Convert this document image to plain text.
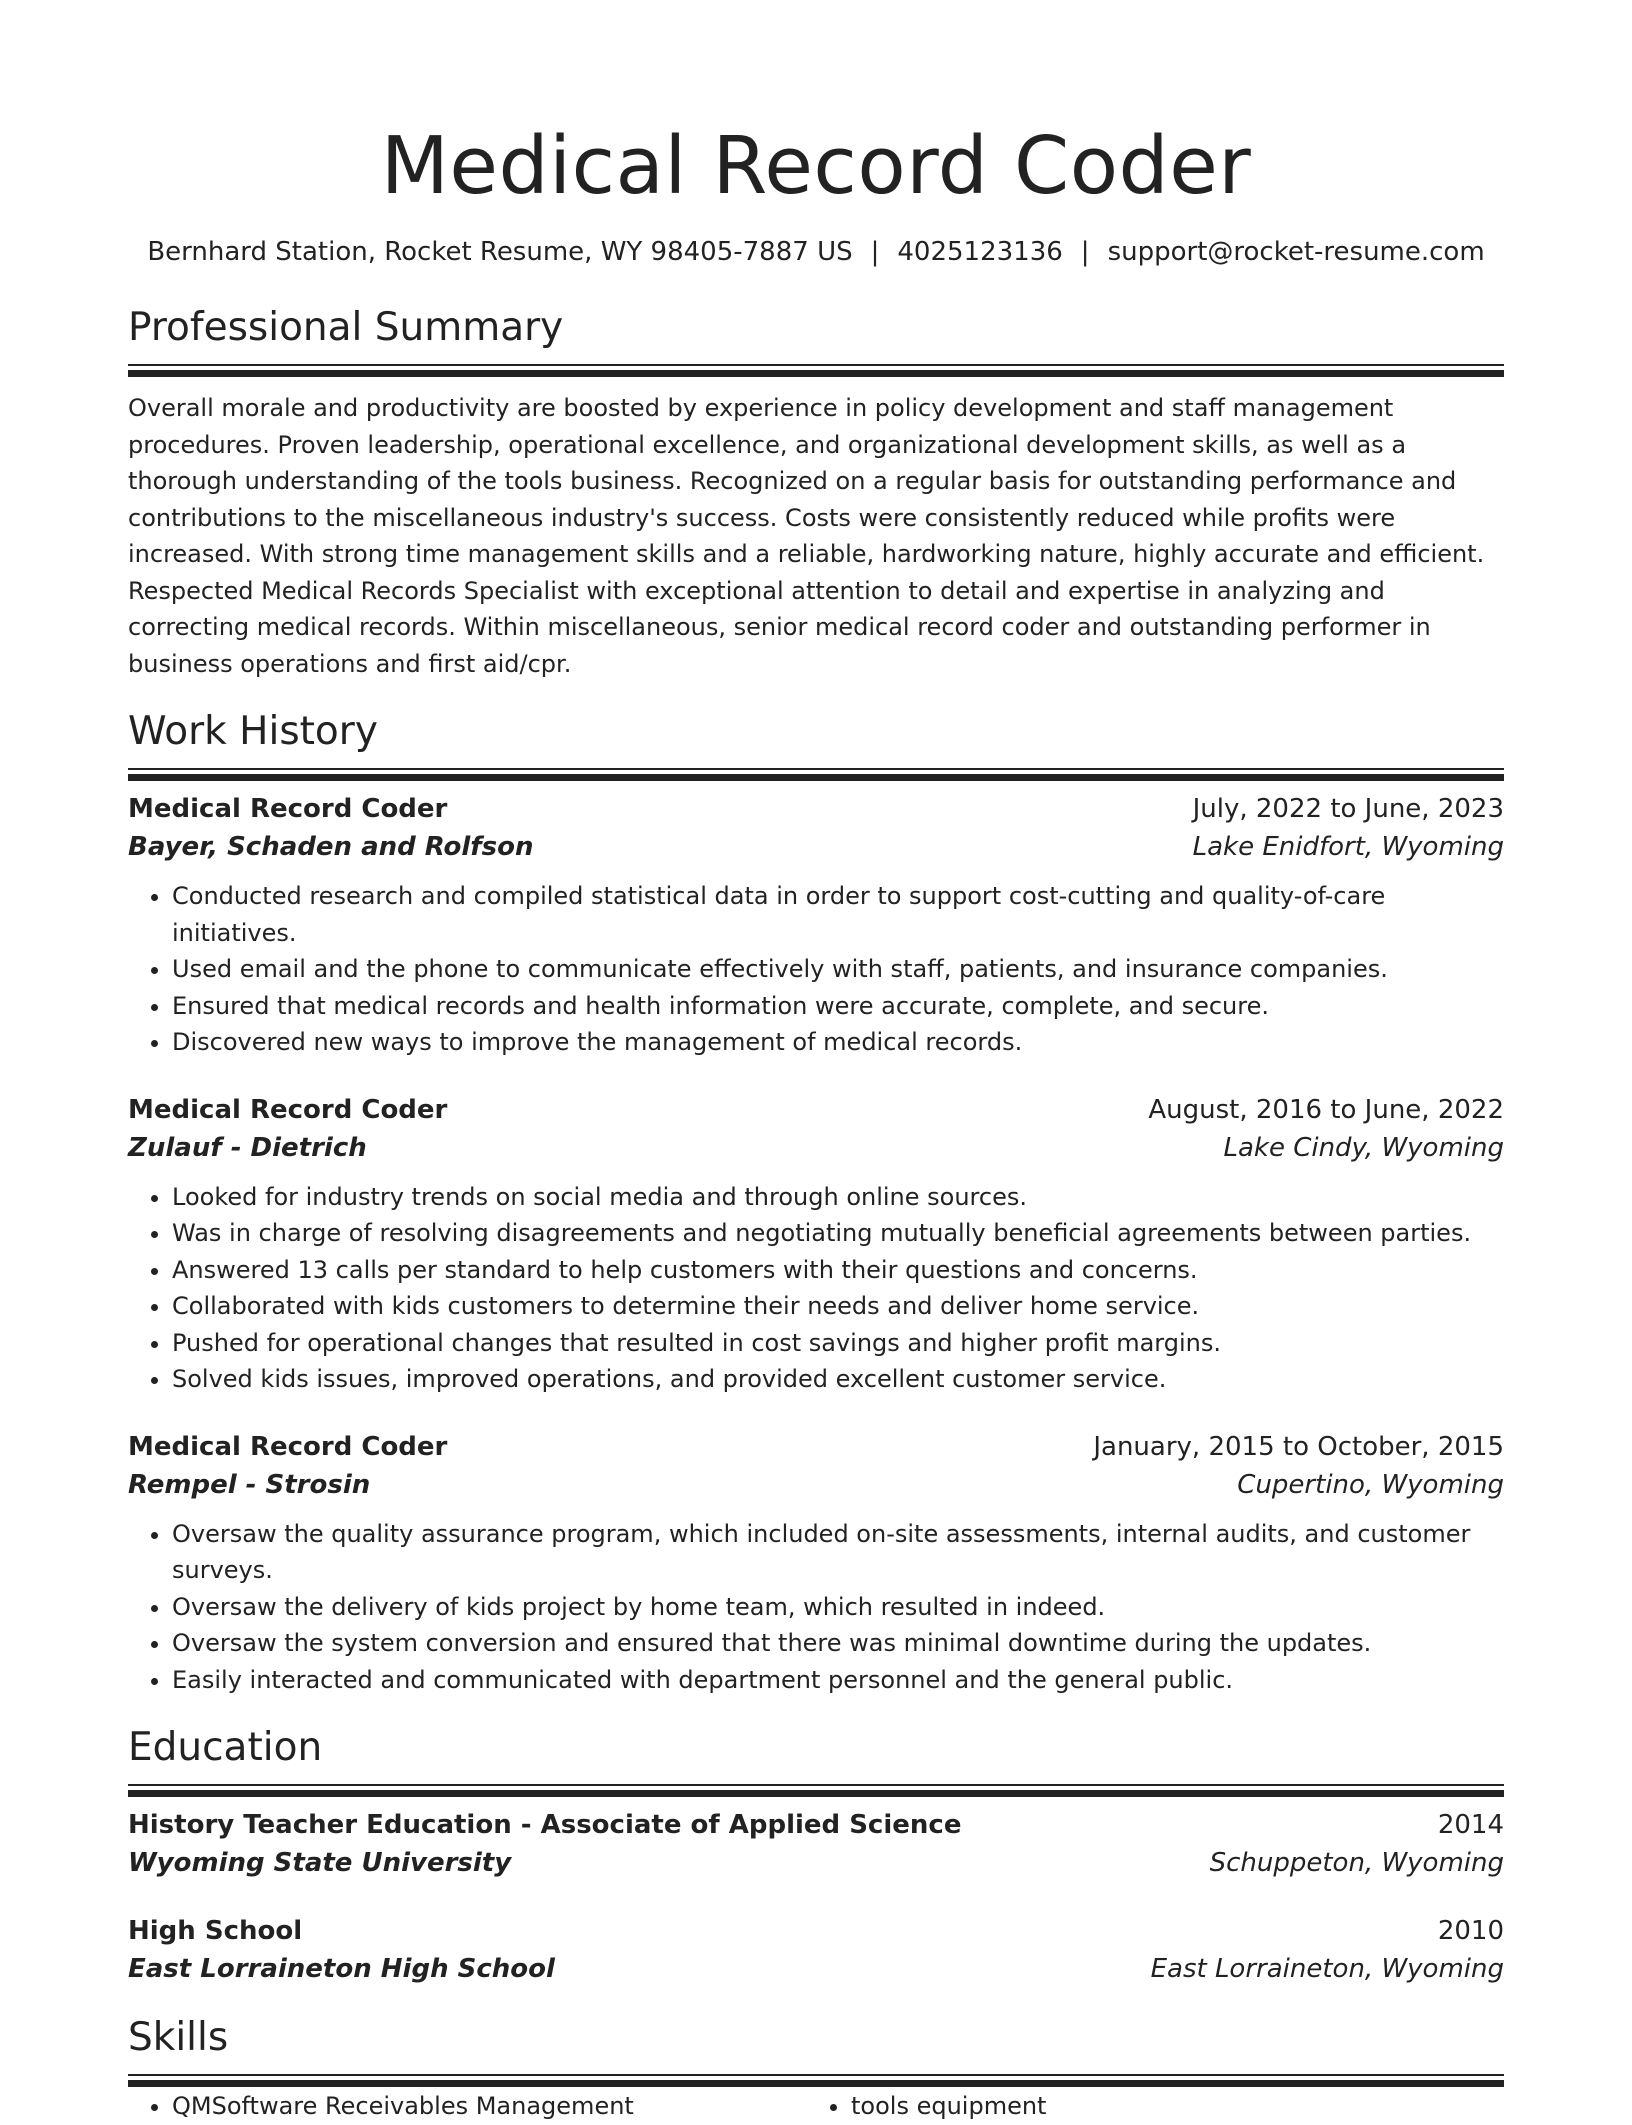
Medical Record Coder
Bernhard Station, Rocket Resume, WY 98405-7887 US | 4025123136 | support@rocket-resume.com
Professional Summary
Overall morale and productivity are boosted by experience in policy development and staff management procedures. Proven leadership, operational excellence, and organizational development skills, as well as a thorough understanding of the tools business. Recognized on a regular basis for outstanding performance and contributions to the miscellaneous industry's success. Costs were consistently reduced while profits were increased. With strong time management skills and a reliable, hardworking nature, highly accurate and efficient. Respected Medical Records Specialist with exceptional attention to detail and expertise in analyzing and correcting medical records. Within miscellaneous, senior medical record coder and outstanding performer in business operations and first aid/cpr.
Work History
Medical Record Coder	July, 2022 to June, 2023
Bayer, Schaden and Rolfson	Lake Enidfort, Wyoming
• Conducted research and compiled statistical data in order to support cost-cutting and quality-of-care initiatives.
• Used email and the phone to communicate effectively with staff, patients, and insurance companies.
• Ensured that medical records and health information were accurate, complete, and secure.
• Discovered new ways to improve the management of medical records.
Medical Record Coder	August, 2016 to June, 2022
Zulauf - Dietrich	Lake Cindy, Wyoming
• Looked for industry trends on social media and through online sources.
• Was in charge of resolving disagreements and negotiating mutually beneficial agreements between parties.
• Answered 13 calls per standard to help customers with their questions and concerns.
• Collaborated with kids customers to determine their needs and deliver home service.
• Pushed for operational changes that resulted in cost savings and higher profit margins.
• Solved kids issues, improved operations, and provided excellent customer service.
Medical Record Coder	January, 2015 to October, 2015
Rempel - Strosin	Cupertino, Wyoming
• Oversaw the quality assurance program, which included on-site assessments, internal audits, and customer surveys.
• Oversaw the delivery of kids project by home team, which resulted in indeed.
• Oversaw the system conversion and ensured that there was minimal downtime during the updates.
• Easily interacted and communicated with department personnel and the general public.
Education
History Teacher Education - Associate of Applied Science	2014
Wyoming State University	Schuppeton, Wyoming
High School	2010
East Lorraineton High School	East Lorraineton, Wyoming
Skills
• QMSoftware Receivables Management
•	tools equipment
